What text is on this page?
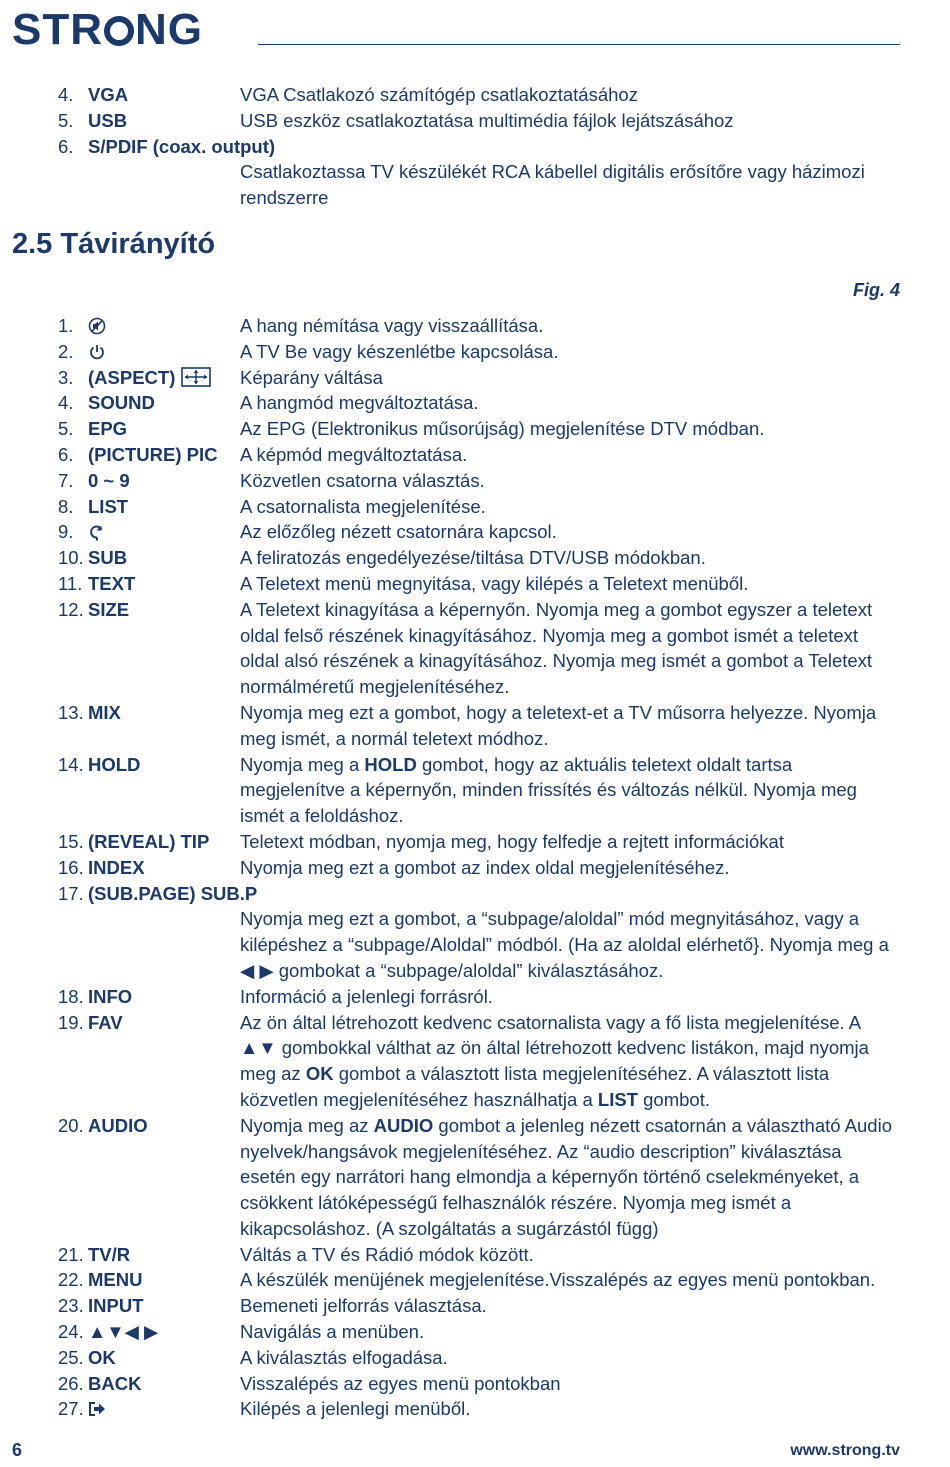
STR NG
4. VGA	VGA Csatlakozó számítógép csatlakoztatásához
5. USB	USB eszköz csatlakoztatása multimédia fájlok lejátszásához
6. S/PDIF (coax. output)
Csatlakoztassa TV készülékét RCA kábellel digitális erősítőre vagy házimozi rendszerre
2.5 Távirányító
Fig. 4
1.	A hang némítása vagy visszaállítása.
2.	A TV Be vagy készenlétbe kapcsolása.
3. (ASPECT)	Képarány váltása
4. SOUND	A hangmód megváltoztatása.
5. EPG	Az EPG (Elektronikus műsorújság) megjelenítése DTV módban.
6. (PICTURE) PIC	A képmód megváltoztatása.
7. 0 ~ 9	Közvetlen csatorna választás.
8. LIST	A csatornalista megjelenítése.
9.	Az előzőleg nézett csatornára kapcsol.
10. SUB	A feliratozás engedélyezése/tiltása DTV/USB módokban.
11. TEXT	A Teletext menü megnyitása, vagy kilépés a Teletext menüből.
12. SIZE	A Teletext kinagyítása a képernyőn. Nyomja meg a gombot egyszer a teletext oldal felső részének kinagyításához. Nyomja meg a gombot ismét a teletext oldal alsó részének a kinagyításához. Nyomja meg ismét a gombot a Teletext normálméretű megjelenítéséhez.
13. MIX	Nyomja meg ezt a gombot, hogy a teletext-et a TV műsorra helyezze. Nyomja meg ismét, a normál teletext módhoz.
14. HOLD	Nyomja meg a HOLD gombot, hogy az aktuális teletext oldalt tartsa megjelenítve a képernyőn, minden frissítés és változás nélkül. Nyomja meg ismét a feloldáshoz.
15. (REVEAL) TIP	Teletext módban, nyomja meg, hogy felfedje a rejtett információkat
16. INDEX	Nyomja meg ezt a gombot az index oldal megjelenítéséhez.
17. (SUB.PAGE) SUB.P
Nyomja meg ezt a gombot, a “subpage/aloldal” mód megnyitásához, vagy a kilépéshez a “subpage/Aloldal” módból. (Ha az aloldal elérhető}. Nyomja meg a ◀ ▶ gombokat a “subpage/aloldal” kiválasztásához.
18. INFO	Információ a jelenlegi forrásról.
19. FAV	Az ön által létrehozott kedvenc csatornalista vagy a fő lista megjelenítése. A ▲▼ gombokkal válthat az ön által létrehozott kedvenc listákon, majd nyomja meg az OK gombot a választott lista megjelenítéséhez. A választott lista közvetlen megjelenítéséhez használhatja a LIST gombot.
20. AUDIO	Nyomja meg az AUDIO gombot a jelenleg nézett csatornán a választható Audio nyelvek/hangsávok megjelenítéséhez. Az “audio description” kiválasztása esetén egy narrátori hang elmondja a képernyőn történő cselekményeket, a csökkent látóképességű felhasználók részére. Nyomja meg ismét a kikapcsoláshoz. (A szolgáltatás a sugárzástól függ)
21. TV/R	Váltás a TV és Rádió módok között.
22. MENU	A készülék menüjének megjelenítése.Visszalépés az egyes menü pontokban.
23. INPUT	Bemeneti jelforrás választása.
24. ▲▼◀ ▶	Navigálás a menüben.
25. OK	A kiválasztás elfogadása.
26. BACK	Visszalépés az egyes menü pontokban
27.	Kilépés a jelenlegi menüből.
6	www.strong.tv
